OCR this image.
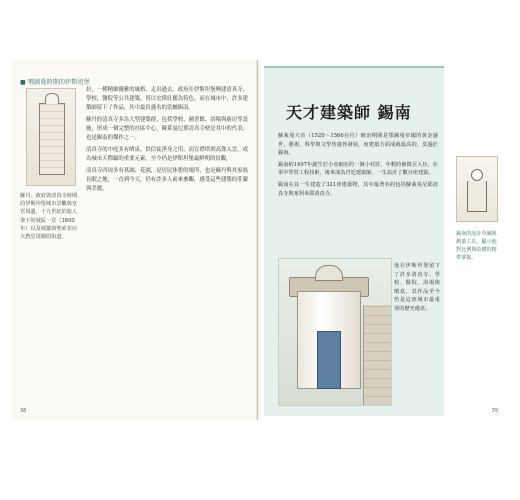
■ 鄂圖曼時期的伊斯坦堡
蘇丹、政府與清真寺時期的伊斯坦堡城市景觀與皇宮周邊，十九世紀的旅人筆下的城區一景（1600年）以及城牆與聖索菲亞大教堂周圍的街道。

拉，一種精緻優雅的風格，走出過去，政府在伊斯坦堡興建清真寺、學校、醫院等公共建築，皆以宏偉壯麗為特色，而在城市中，許多建築師留下了作品，其中最負盛名的當屬錫南。

蘇丹的清真寺多為大型建築群，包括學校、圖書館、浴場與廚房等設施，形成一個完整的社區中心，蘇萊曼尼耶清真寺便是其中的代表，也是錫南的傑作之一。

清真寺的中庭多有噴泉，供信徒淨身之用，而宣禮塔則高聳入雲，成為城市天際線的重要元素，至今仍是伊斯坦堡最鮮明的景觀。

清真寺四周多有墓園、花園，是居民休憩的場所，也是蘇丹與其家族長眠之地，一直到今天，仍有許多人前來參觀，感受這些建築的莊嚴與美麗。

38
天才建築師 錫南

蘇萊曼大帝（1520〜1566在位）統治期間是鄂圖曼帝國的黃金盛世，藝術、科學與文學皆蓬勃發展，而建築方面成就最高的，莫過於錫南。

錫南約1497年誕生於小亞細亞的一個小村莊，年輕時被徵召入伍，在軍中學習工程技術，後來成為宮廷建築師，一生設計了數百座建築。

錫南在其一生建造了321座建築物，其中最著名的包括蘇萊曼尼耶清真寺與塞利米耶清真寺。

他在伊斯坦堡留下了許多清真寺、學校、醫院、浴場與噴泉，其作品至今仍是這座城市最重要的歷史遺產。
錫南的設計草圖與測量工具，顯示他對比例與結構的精準掌握。
39
